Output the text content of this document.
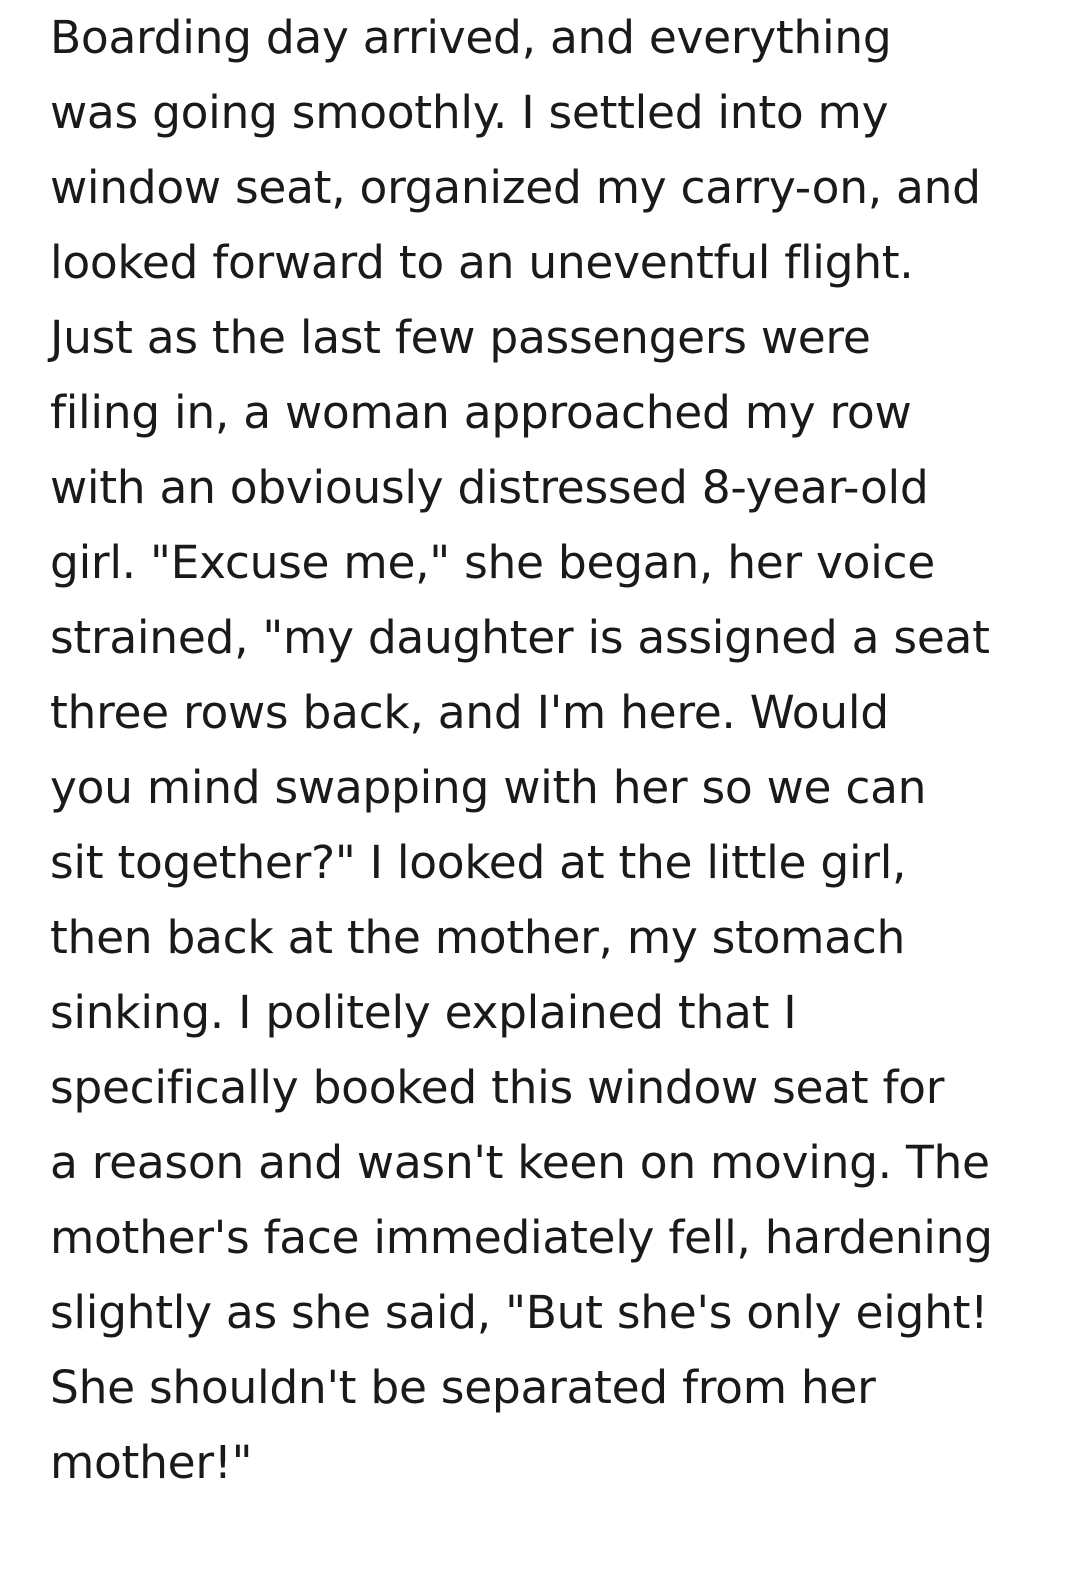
Boarding day arrived, and everything
was going smoothly. I settled into my
window seat, organized my carry-on, and
looked forward to an uneventful flight.
Just as the last few passengers were
filing in, a woman approached my row
with an obviously distressed 8-year-old
girl. "Excuse me," she began, her voice
strained, "my daughter is assigned a seat
three rows back, and I'm here. Would
you mind swapping with her so we can
sit together?" I looked at the little girl,
then back at the mother, my stomach
sinking. I politely explained that I
specifically booked this window seat for
a reason and wasn't keen on moving. The
mother's face immediately fell, hardening
slightly as she said, "But she's only eight!
She shouldn't be separated from her
mother!"
